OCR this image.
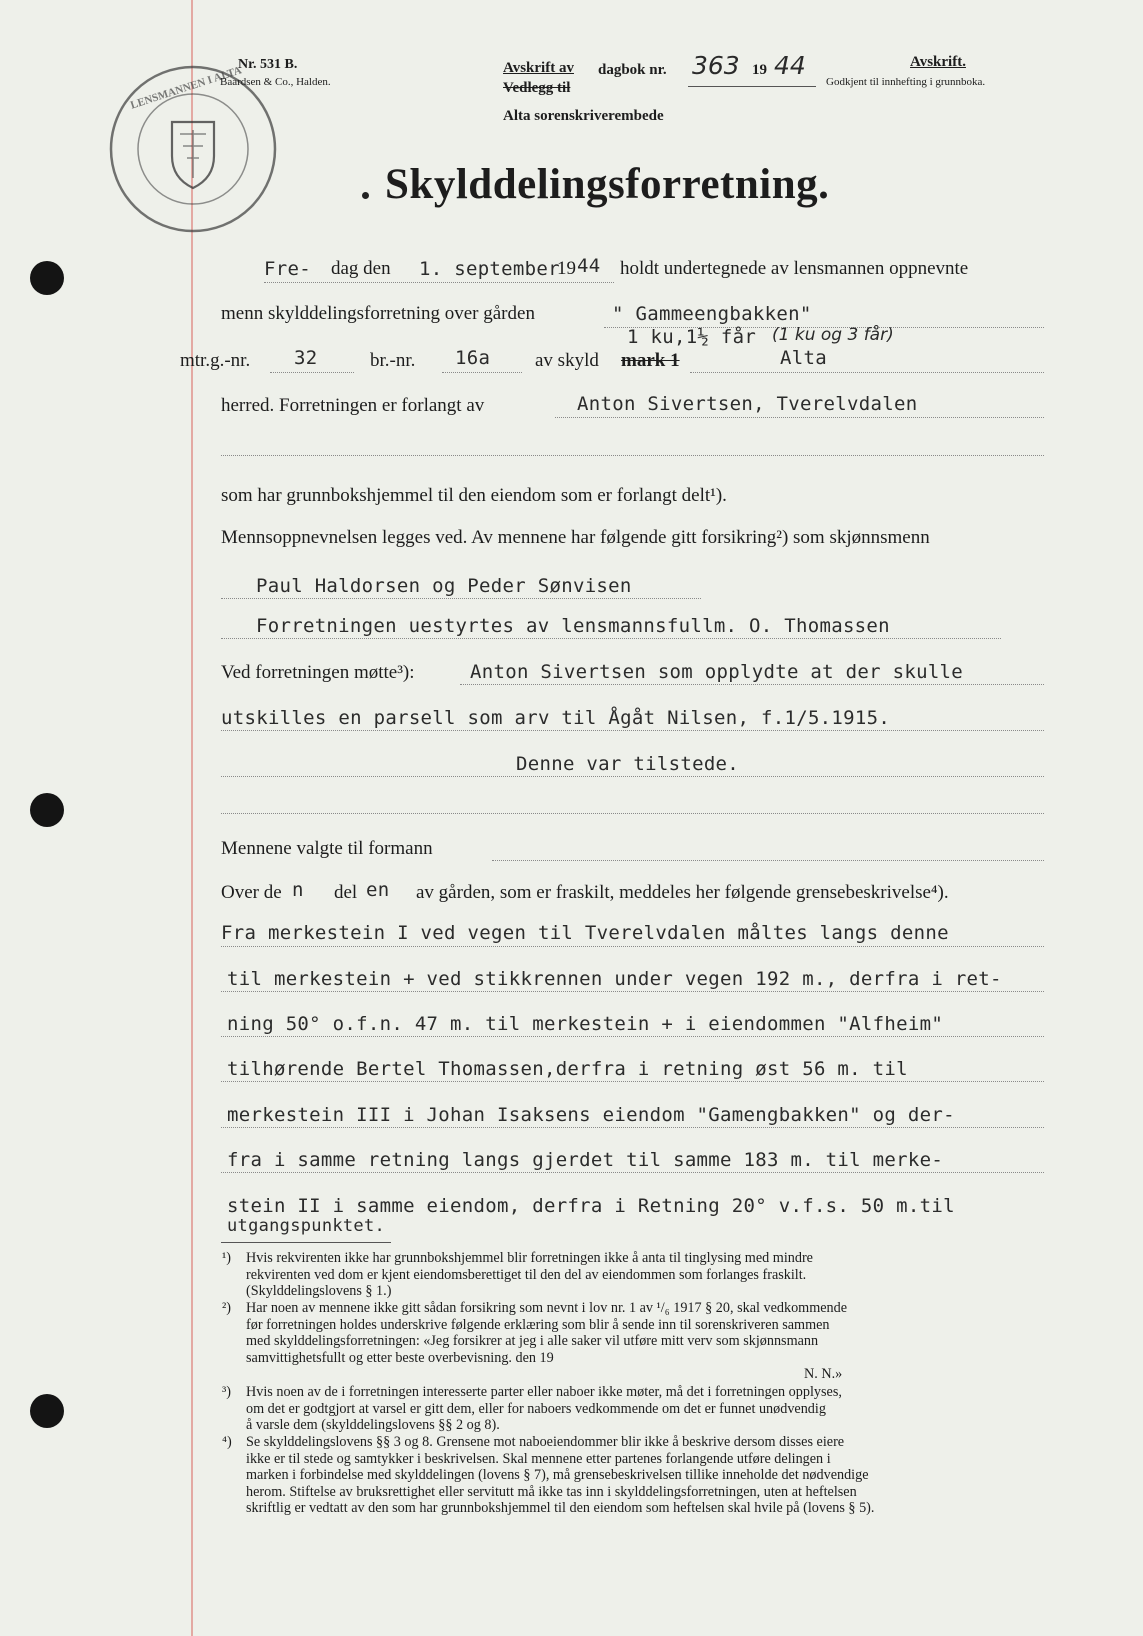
LENSMANNEN I ALTA
Nr. 531 B.
Baardsen & Co., Halden.
Avskrift av
Vedlegg til
dagbok nr. 363 19 44
Alta sorenskriverembede
Avskrift.
Godkjent til innhefting i grunnboka.
Skylddelingsforretning.
Fre- dag den 1. september
19 44 holdt undertegnede av lensmannen oppnevnte
menn skylddelingsforretning over gården	" Gammeengbakken"
1 ku,1½ får (1 ku og 3 får)
mtr.g.-nr. 32	br.-nr. 16a av skyld mark 1	Alta
herred. Forretningen er forlangt av	Anton Sivertsen, Tverelvdalen
som har grunnbokshjemmel til den eiendom som er forlangt delt¹).
Mennsoppnevnelsen legges ved. Av mennene har følgende gitt forsikring²) som skjønnsmenn
Paul Haldorsen og Peder Sønvisen
Forretningen uestyrtes av lensmannsfullm. O. Thomassen
Ved forretningen møtte³):	Anton Sivertsen som opplydte at der skulle
utskilles en parsell som arv til Ågåt Nilsen, f.1/5.1915.
Denne var tilstede.
Mennene valgte til formann
Over de n del en av gården, som er fraskilt, meddeles her følgende grensebeskrivelse⁴).
Fra merkestein I ved vegen til Tverelvdalen måltes langs denne
til merkestein + ved stikkrennen under vegen 192 m., derfra i ret-
ning 50° o.f.n. 47 m. til merkestein + i eiendommen "Alfheim"
tilhørende Bertel Thomassen,derfra i retning øst 56 m. til
merkestein III i Johan Isaksens eiendom "Gamengbakken" og der-
fra i samme retning langs gjerdet til samme 183 m. til merke-
stein II i samme eiendom, derfra i Retning 20° v.f.s. 50 m.til
utgangspunktet.
¹) Hvis rekvirenten ikke har grunnbokshjemmel blir forretningen ikke å anta til tinglysing med mindre
rekvirenten ved dom er kjent eiendomsberettiget til den del av eiendommen som forlanges fraskilt.
(Skylddelingslovens § 1.)
²) Har noen av mennene ikke gitt sådan forsikring som nevnt i lov nr. 1 av ¹/₆ 1917 § 20, skal vedkommende
før forretningen holdes underskrive følgende erklæring som blir å sende inn til sorenskriveren sammen
med skylddelingsforretningen: «Jeg forsikrer at jeg i alle saker vil utføre mitt verv som skjønnsmann
samvittighetsfullt og etter beste overbevisning. den 19
N. N.»
³) Hvis noen av de i forretningen interesserte parter eller naboer ikke møter, må det i forretningen opplyses,
om det er godtgjort at varsel er gitt dem, eller for naboers vedkommende om det er funnet unødvendig
å varsle dem (skylddelingslovens §§ 2 og 8).
⁴) Se skylddelingslovens §§ 3 og 8. Grensene mot naboeiendommer blir ikke å beskrive dersom disses eiere
ikke er til stede og samtykker i beskrivelsen. Skal mennene etter partenes forlangende utføre delingen i
marken i forbindelse med skylddelingen (lovens § 7), må grensebeskrivelsen tillike inneholde det nødvendige
herom. Stiftelse av bruksrettighet eller servitutt må ikke tas inn i skylddelingsforretningen, uten at heftelsen
skriftlig er vedtatt av den som har grunnbokshjemmel til den eiendom som heftelsen skal hvile på (lovens § 5).
